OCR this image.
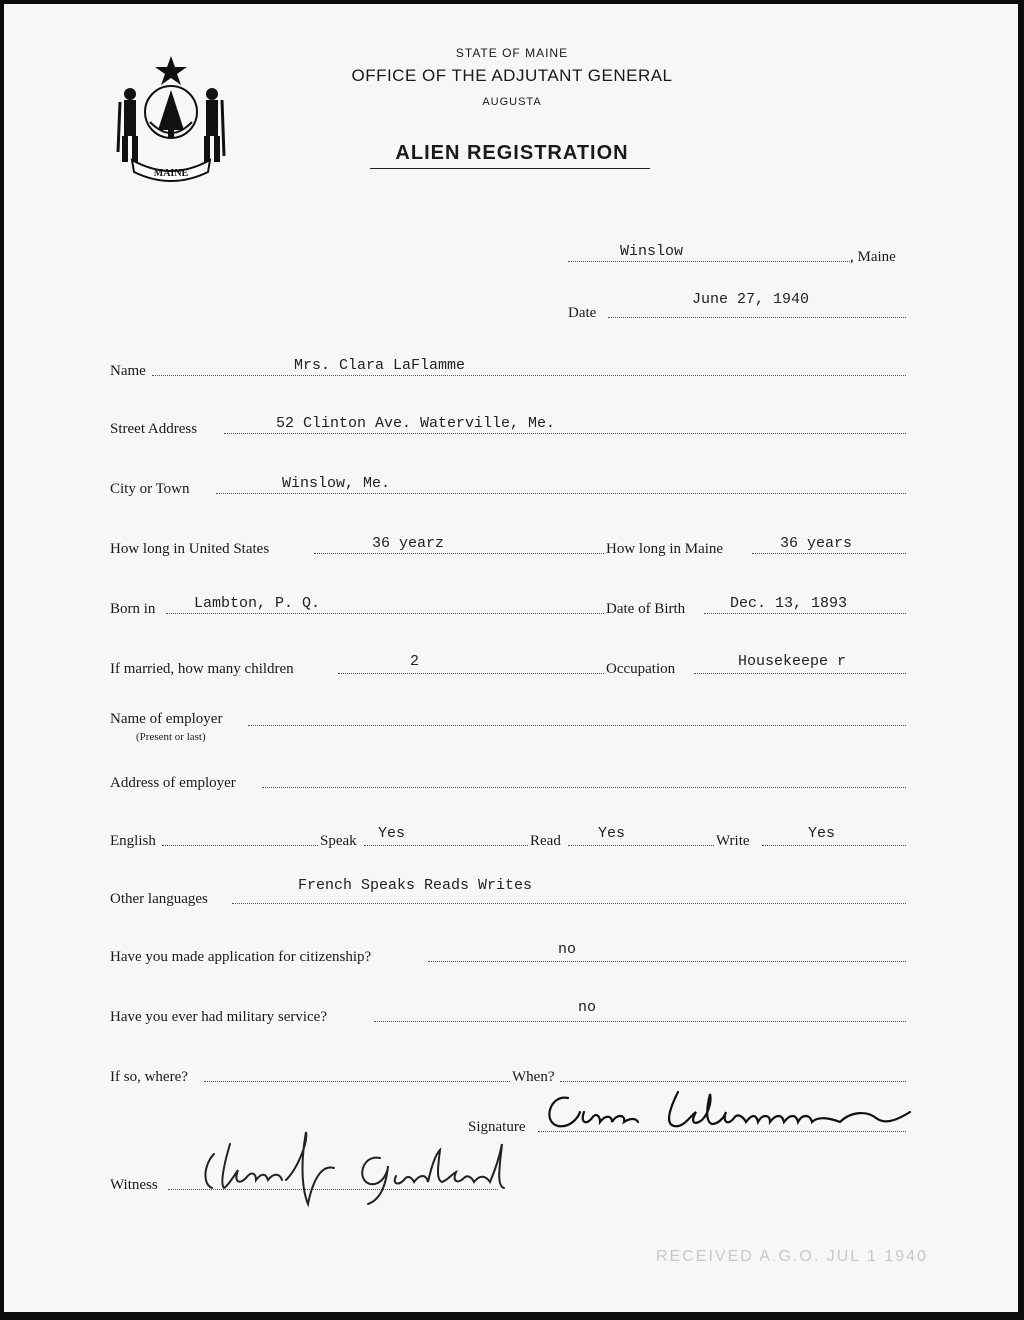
MAINE
STATE OF MAINE
OFFICE OF THE ADJUTANT GENERAL
AUGUSTA
ALIEN REGISTRATION
Winslow	, Maine
Date
June 27, 1940
Name	Mrs. Clara LaFlamme
Street Address	52 Clinton Ave. Waterville, Me.
City or Town	Winslow, Me.
How long in United States	36 yearz	How long in Maine	36 years
Born in	Lambton, P. Q.	Date of Birth	Dec. 13, 1893
If married, how many children	2	Occupation	Housekeepe r
Name of employer
(Present or last)
Address of employer
English	Speak Yes	Read Yes	Write	Yes
Other languages
French Speaks Reads Writes
Have you made application for citizenship?	no
Have you ever had military service?
no
If so, where?	When?
Signature
Clara Laflamme
Witness
David Garland
RECEIVED A.G.O. JUL 1 1940
